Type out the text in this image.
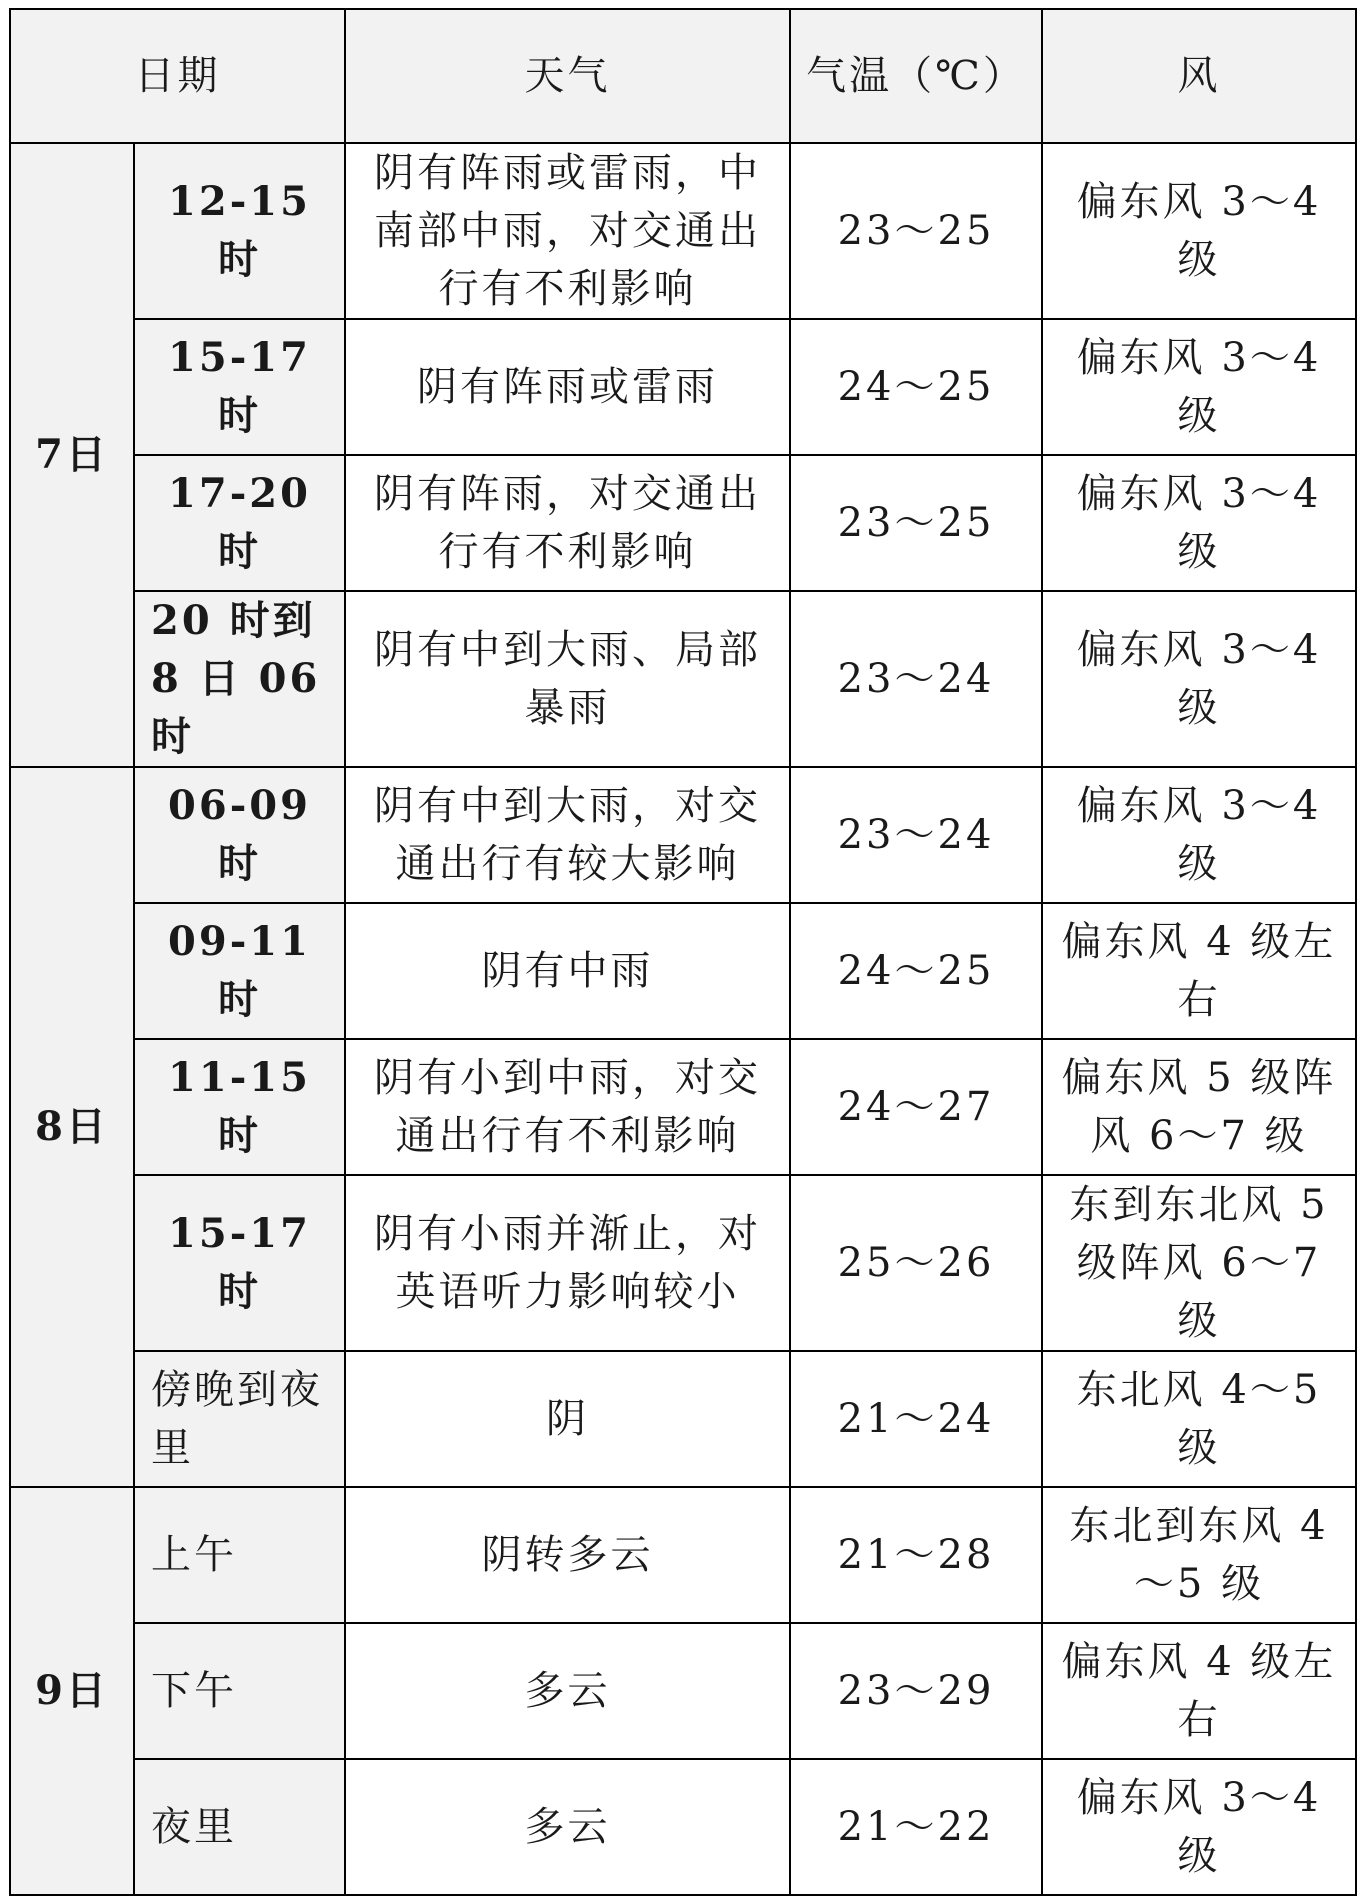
日期		天气	气温（℃）	风
7日	12-15 时	阴有阵雨或雷雨，中南部中雨，对交通出行有不利影响	23～25	偏东风 3～4 级
	15-17 时	阴有阵雨或雷雨	24～25	偏东风 3～4 级
	17-20 时	阴有阵雨，对交通出行有不利影响	23～25	偏东风 3～4 级
	20 时到 8 日 06 时	阴有中到大雨、局部暴雨	23～24	偏东风 3～4 级
8日	06-09 时	阴有中到大雨，对交通出行有较大影响	23～24	偏东风 3～4 级
	09-11 时	阴有中雨	24～25	偏东风 4 级左右
	11-15 时	阴有小到中雨，对交通出行有不利影响	24～27	偏东风 5 级阵风 6～7 级
	15-17 时	阴有小雨并渐止，对英语听力影响较小	25～26	东到东北风 5 级阵风 6～7 级
	傍晚到夜里	阴	21～24	东北风 4～5 级
9日	上午	阴转多云	21～28	东北到东风 4～5 级
	下午	多云	23～29	偏东风 4 级左右
	夜里	多云	21～22	偏东风 3～4 级
